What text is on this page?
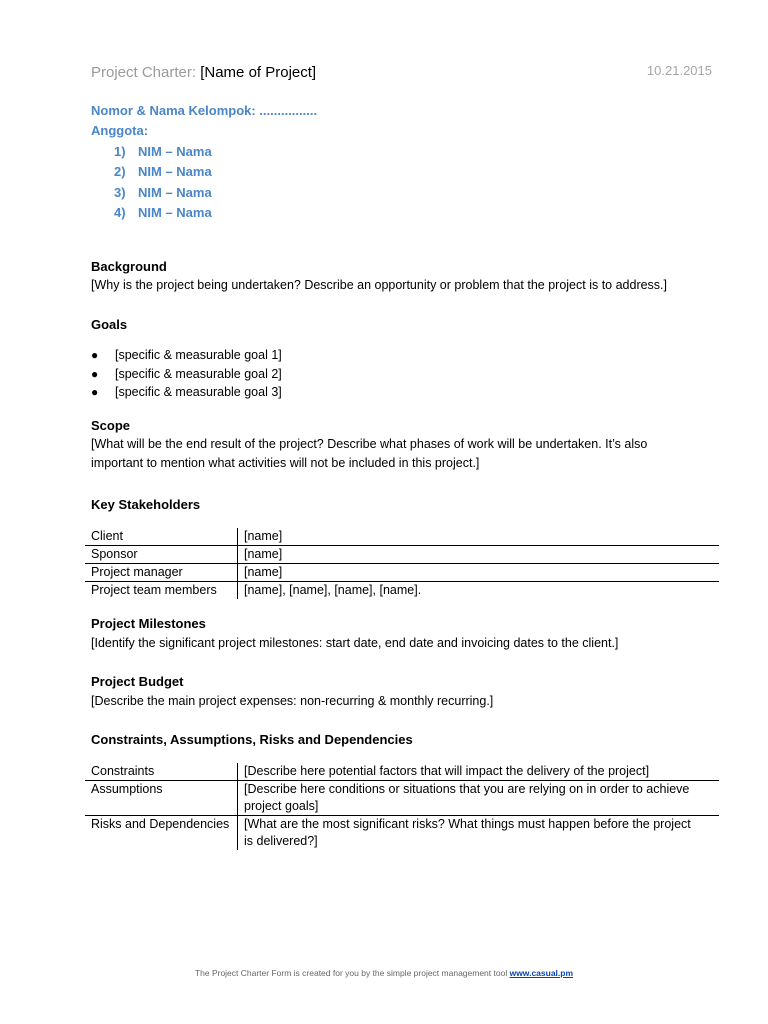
Project Charter: [Name of Project]	10.21.2015
Nomor & Nama Kelompok: ................
Anggota:
1) NIM – Nama
2) NIM – Nama
3) NIM – Nama
4) NIM – Nama
Background
[Why is the project being undertaken? Describe an opportunity or problem that the project is to address.]
Goals
● [specific & measurable goal 1]
● [specific & measurable goal 2]
● [specific & measurable goal 3]
Scope
[What will be the end result of the project? Describe what phases of work will be undertaken. It’s also
important to mention what activities will not be included in this project.]
Key Stakeholders
Client	[name]
Sponsor	[name]
Project manager	[name]
Project team members	[name], [name], [name], [name].
Project Milestones
[Identify the significant project milestones: start date, end date and invoicing dates to the client.]
Project Budget
[Describe the main project expenses: non-recurring & monthly recurring.]
Constraints, Assumptions, Risks and Dependencies
Constraints	[Describe here potential factors that will impact the delivery of the project]

Assumptions	[Describe here conditions or situations that you are relying on in order to achieve
project goals]

Risks and Dependencies	[What are the most significant risks? What things must happen before the project
is delivered?]
The Project Charter Form is created for you by the simple project management tool www.casual.pm
